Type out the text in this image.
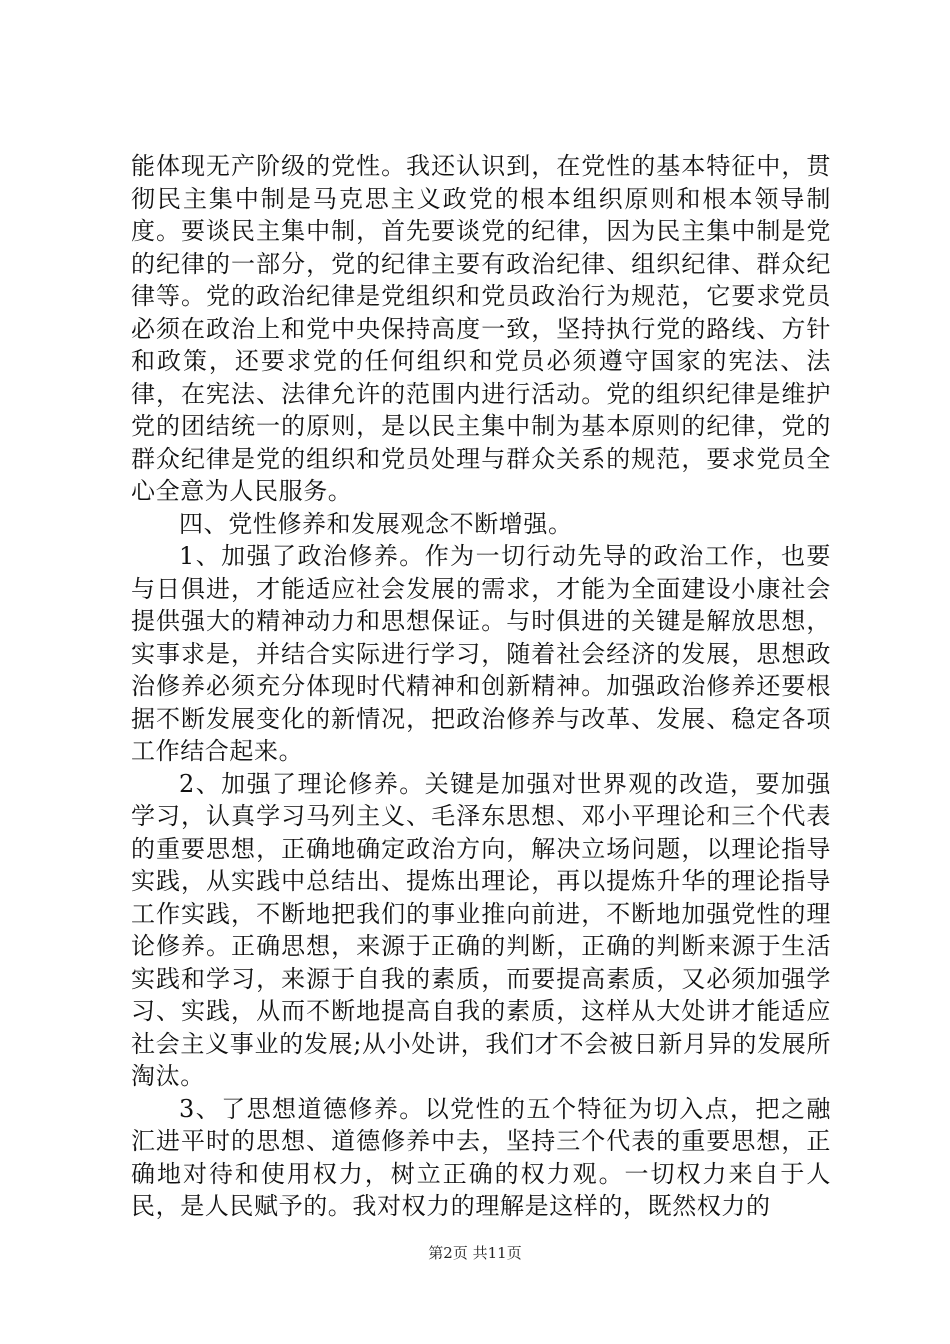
能体现无产阶级的党性。我还认识到，在党性的基本特征中，贯彻民主集中制是马克思主义政党的根本组织原则和根本领导制度。要谈民主集中制，首先要谈党的纪律，因为民主集中制是党的纪律的一部分，党的纪律主要有政治纪律、组织纪律、群众纪律等。党的政治纪律是党组织和党员政治行为规范，它要求党员必须在政治上和党中央保持高度一致，坚持执行党的路线、方针和政策，还要求党的任何组织和党员必须遵守国家的宪法、法律，在宪法、法律允许的范围内进行活动。党的组织纪律是维护党的团结统一的原则，是以民主集中制为基本原则的纪律，党的群众纪律是党的组织和党员处理与群众关系的规范，要求党员全心全意为人民服务。

四、党性修养和发展观念不断增强。

1、加强了政治修养。作为一切行动先导的政治工作，也要与日俱进，才能适应社会发展的需求，才能为全面建设小康社会提供强大的精神动力和思想保证。与时俱进的关键是解放思想，实事求是，并结合实际进行学习，随着社会经济的发展，思想政治修养必须充分体现时代精神和创新精神。加强政治修养还要根据不断发展变化的新情况，把政治修养与改革、发展、稳定各项工作结合起来。

2、加强了理论修养。关键是加强对世界观的改造，要加强学习，认真学习马列主义、毛泽东思想、邓小平理论和三个代表的重要思想，正确地确定政治方向，解决立场问题，以理论指导实践，从实践中总结出、提炼出理论，再以提炼升华的理论指导工作实践，不断地把我们的事业推向前进，不断地加强党性的理论修养。正确思想，来源于正确的判断，正确的判断来源于生活实践和学习，来源于自我的素质，而要提高素质，又必须加强学习、实践，从而不断地提高自我的素质，这样从大处讲才能适应社会主义事业的发展;从小处讲，我们才不会被日新月异的发展所淘汰。

3、了思想道德修养。以党性的五个特征为切入点，把之融汇进平时的思想、道德修养中去，坚持三个代表的重要思想，正确地对待和使用权力，树立正确的权力观。一切权力来自于人民，是人民赋予的。我对权力的理解是这样的，既然权力的

第2页 共11页
